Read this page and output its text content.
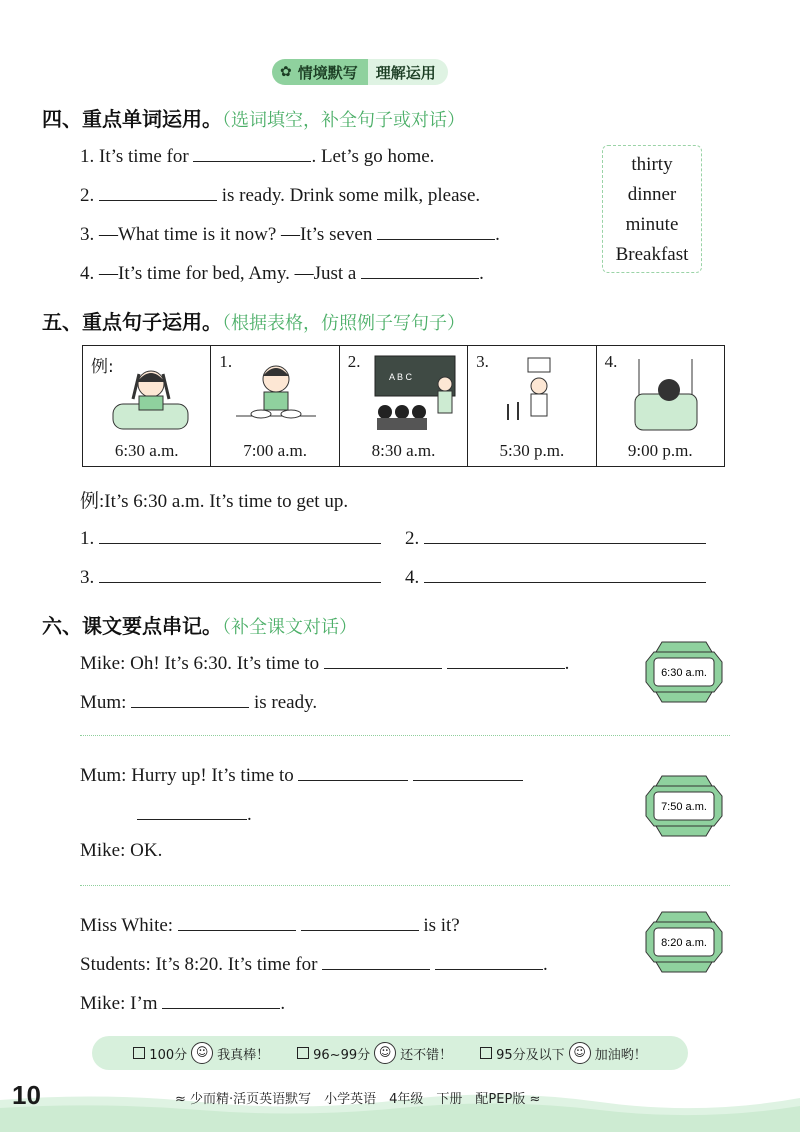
✿ 情境默写	理解运用
四、重点单词运用。（选词填空，补全句子或对话）
1. It’s time for	. Let’s go home.
2.	is ready. Drink some milk, please.
3. —What time is it now? —It’s seven	.
4. —It’s time for bed, Amy. —Just a	.
thirty
dinner
minute
Breakfast
五、重点句子运用。（根据表格，仿照例子写句子）
例:
6:30 a.m.

1.
7:00 a.m.

2.
A B C
8:30 a.m.

3.
5:30 p.m.

4.
9:00 p.m.
例:It’s 6:30 a.m. It’s time to get up.
1.	2.
3.	4.
六、课文要点串记。（补全课文对话）
Mike: Oh! It’s 6:30. It’s time to	.
Mum:	is ready.
6:30 a.m.
Mum: Hurry up! It’s time to
.
Mike: OK.
7:50 a.m.
Miss White:	is it?
Students: It’s 8:20. It’s time for	.
Mike: I’m	.
8:20 a.m.
100分 ☺ 我真棒！	96~99分 ☺ 还不错！	95分及以下 ☺ 加油哟！
10	≈ 少而精·活页英语默写　小学英语　4年级　下册　配PEP版 ≈
